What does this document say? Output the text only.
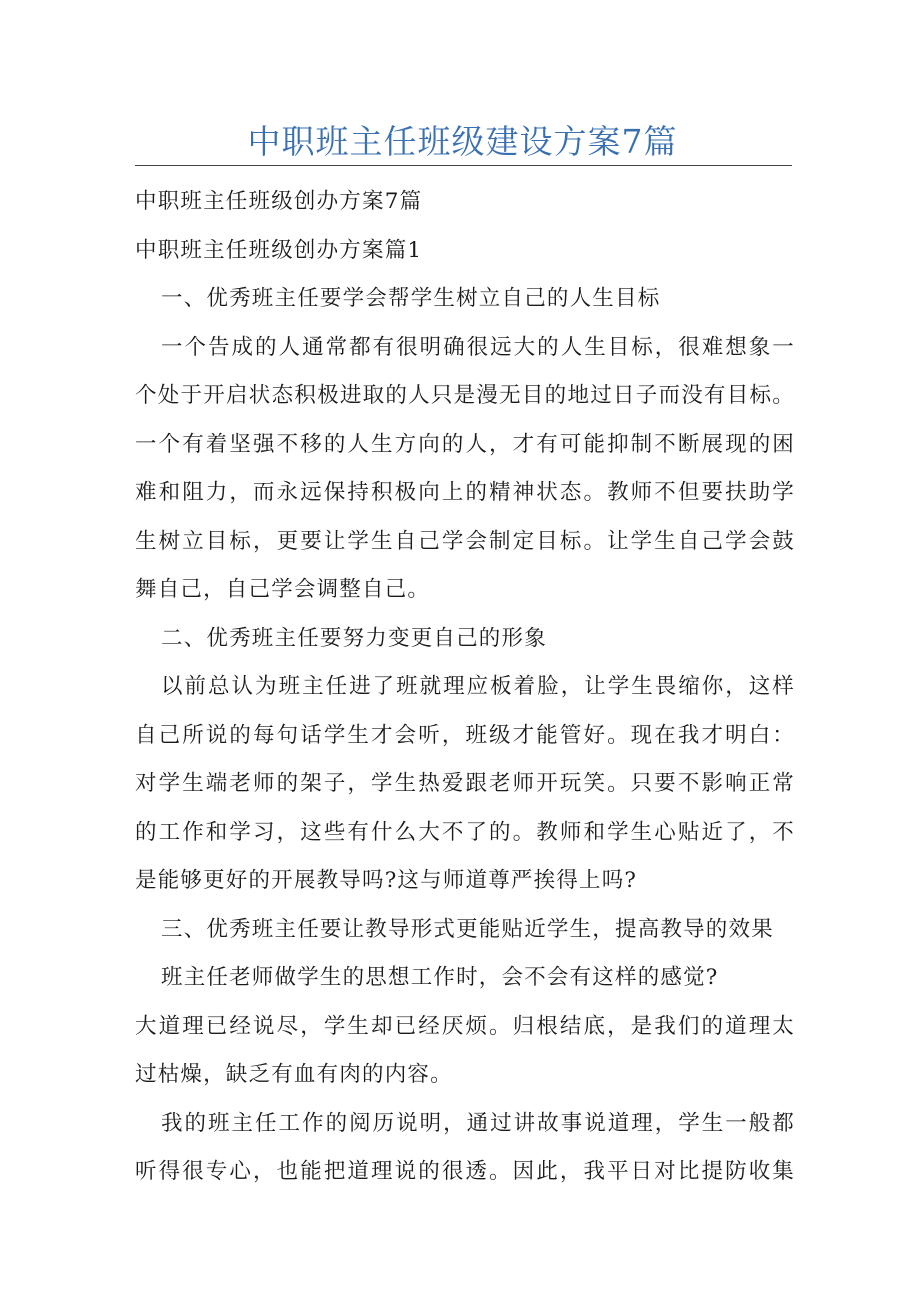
中职班主任班级建设方案7篇
中职班主任班级创办方案7篇
中职班主任班级创办方案篇1
一、优秀班主任要学会帮学生树立自己的人生目标
一个告成的人通常都有很明确很远大的人生目标，很难想象一
个处于开启状态积极进取的人只是漫无目的地过日子而没有目标。
一个有着坚强不移的人生方向的人，才有可能抑制不断展现的困
难和阻力，而永远保持积极向上的精神状态。教师不但要扶助学
生树立目标，更要让学生自己学会制定目标。让学生自己学会鼓
舞自己，自己学会调整自己。
二、优秀班主任要努力变更自己的形象
以前总认为班主任进了班就理应板着脸，让学生畏缩你，这样
自己所说的每句话学生才会听，班级才能管好。现在我才明白：
对学生端老师的架子，学生热爱跟老师开玩笑。只要不影响正常
的工作和学习，这些有什么大不了的。教师和学生心贴近了，不
是能够更好的开展教导吗?这与师道尊严挨得上吗?
三、优秀班主任要让教导形式更能贴近学生，提高教导的效果
班主任老师做学生的思想工作时，会不会有这样的感觉?
大道理已经说尽，学生却已经厌烦。归根结底，是我们的道理太
过枯燥，缺乏有血有肉的内容。
我的班主任工作的阅历说明，通过讲故事说道理，学生一般都
听得很专心，也能把道理说的很透。因此，我平日对比提防收集
